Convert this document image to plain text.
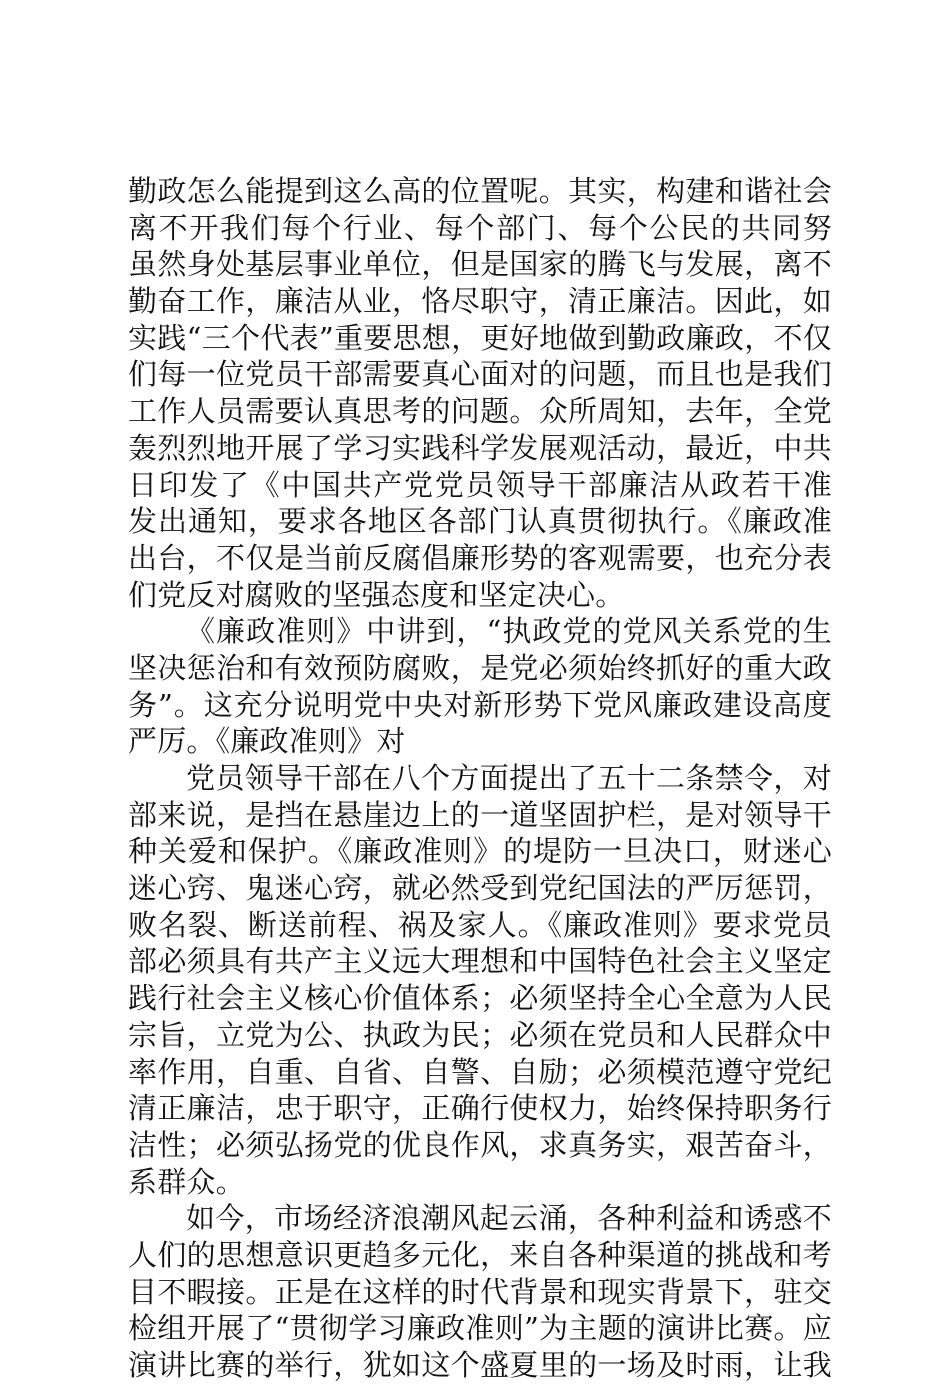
勤政怎么能提到这么高的位置呢。其实，构建和谐社会
离不开我们每个行业、每个部门、每个公民的共同努
虽然身处基层事业单位，但是国家的腾飞与发展，离不
勤奋工作，廉洁从业，恪尽职守，清正廉洁。因此，如
实践“三个代表”重要思想，更好地做到勤政廉政，不仅
们每一位党员干部需要真心面对的问题，而且也是我们
工作人员需要认真思考的问题。众所周知，去年，全党
轰烈烈地开展了学习实践科学发展观活动，最近，中共
日印发了《中国共产党党员领导干部廉洁从政若干准
发出通知，要求各地区各部门认真贯彻执行。《廉政准
出台，不仅是当前反腐倡廉形势的客观需要，也充分表
们党反对腐败的坚强态度和坚定决心。
《廉政准则》中讲到，“执政党的党风关系党的生
坚决惩治和有效预防腐败，是党必须始终抓好的重大政
务”。这充分说明党中央对新形势下党风廉政建设高度
严厉。《廉政准则》对
党员领导干部在八个方面提出了五十二条禁令，对
部来说，是挡在悬崖边上的一道坚固护栏，是对领导干
种关爱和保护。《廉政准则》的堤防一旦决口，财迷心
迷心窍、鬼迷心窍，就必然受到党纪国法的严厉惩罚，
败名裂、断送前程、祸及家人。《廉政准则》要求党员
部必须具有共产主义远大理想和中国特色社会主义坚定
践行社会主义核心价值体系；必须坚持全心全意为人民
宗旨，立党为公、执政为民；必须在党员和人民群众中
率作用，自重、自省、自警、自励；必须模范遵守党纪
清正廉洁，忠于职守，正确行使权力，始终保持职务行
洁性；必须弘扬党的优良作风，求真务实，艰苦奋斗，
系群众。
如今，市场经济浪潮风起云涌，各种利益和诱惑不
人们的思想意识更趋多元化，来自各种渠道的挑战和考
目不暇接。正是在这样的时代背景和现实背景下，驻交
检组开展了“贯彻学习廉政准则”为主题的演讲比赛。应
演讲比赛的举行，犹如这个盛夏里的一场及时雨，让我
